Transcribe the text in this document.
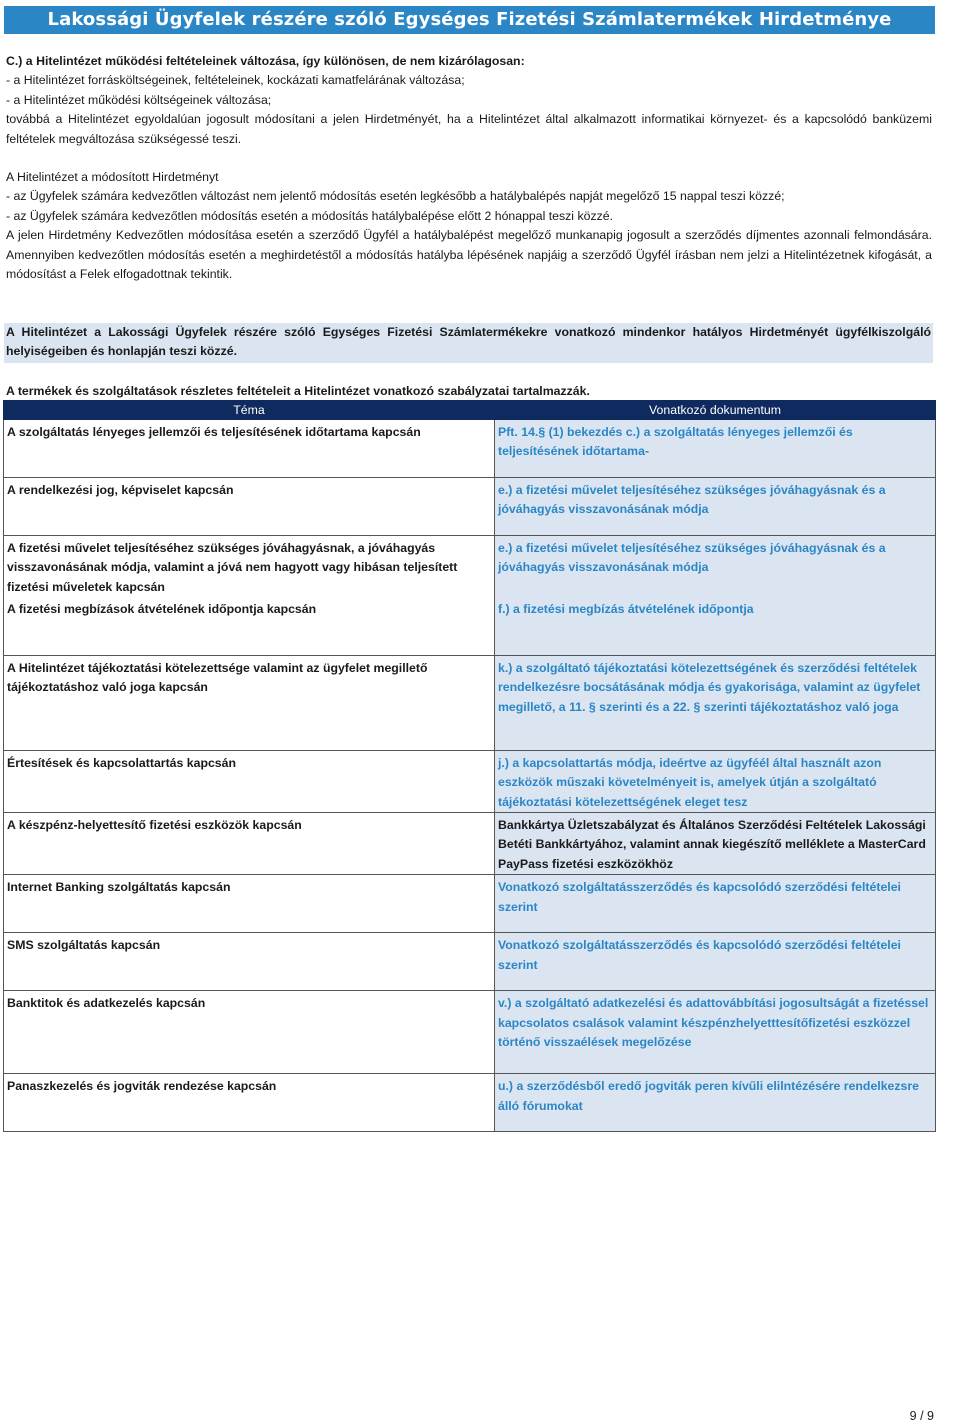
Lakossági Ügyfelek részére szóló Egységes Fizetési Számlatermékek Hirdetménye

C.) a Hitelintézet működési feltételeinek változása, így különösen, de nem kizárólagosan:

- a Hitelintézet forrásköltségeinek, feltételeinek, kockázati kamatfelárának változása;

- a Hitelintézet működési költségeinek változása;

továbbá a Hitelintézet egyoldalúan jogosult módosítani a jelen Hirdetményét, ha a Hitelintézet által alkalmazott informatikai környezet- és a kapcsolódó banküzemi feltételek megváltozása szükségessé teszi.

A Hitelintézet a módosított Hirdetményt

- az Ügyfelek számára kedvezőtlen változást nem jelentő módosítás esetén legkésőbb a hatálybalépés napját megelőző 15 nappal teszi közzé;

- az Ügyfelek számára kedvezőtlen módosítás esetén a módosítás hatálybalépése előtt 2 hónappal teszi közzé.

A jelen Hirdetmény Kedvezőtlen módosítása esetén a szerződő Ügyfél a hatálybalépést megelőző munkanapig jogosult a szerződés díjmentes azonnali felmondására. Amennyiben kedvezőtlen módosítás esetén a meghirdetéstől a módosítás hatályba lépésének napjáig a szerződő Ügyfél írásban nem jelzi a Hitelintézetnek kifogását, a módosítást a Felek elfogadottnak tekintik.

A Hitelintézet a Lakossági Ügyfelek részére szóló Egységes Fizetési Számlatermékekre vonatkozó mindenkor hatályos Hirdetményét ügyfélkiszolgáló helyiségeiben és honlapján teszi közzé.
A termékek és szolgáltatások részletes feltételeit a Hitelintézet vonatkozó szabályzatai tartalmazzák.
Téma	Vonatkozó dokumentum
A szolgáltatás lényeges jellemzői és teljesítésének időtartama kapcsán	Pft. 14.§ (1) bekezdés c.) a szolgáltatás lényeges jellemzői és teljesítésének időtartama-
A rendelkezési jog, képviselet kapcsán	e.) a fizetési művelet teljesítéséhez szükséges jóváhagyásnak és a jóváhagyás visszavonásának módja
A fizetési művelet teljesítéséhez szükséges jóváhagyásnak, a jóváhagyás visszavonásának módja, valamint a jóvá nem hagyott vagy hibásan teljesített fizetési műveletek kapcsán	e.) a fizetési művelet teljesítéséhez szükséges jóváhagyásnak és a jóváhagyás visszavonásának módja
A fizetési megbízások átvételének időpontja kapcsán	f.) a fizetési megbízás átvételének időpontja
A Hitelintézet tájékoztatási kötelezettsége valamint az ügyfelet megillető tájékoztatáshoz való joga kapcsán	k.) a szolgáltató tájékoztatási kötelezettségének és szerződési feltételek rendelkezésre bocsátásának módja és gyakorisága, valamint az ügyfelet megillető, a 11. § szerinti és a 22. § szerinti tájékoztatáshoz való joga
Értesítések és kapcsolattartás kapcsán	j.) a kapcsolattartás módja, ideértve az ügyféél által használt azon eszközök műszaki követelményeit is, amelyek útján a szolgáltató tájékoztatási kötelezettségének eleget tesz
A készpénz-helyettesítő fizetési eszközök kapcsán	Bankkártya Üzletszabályzat és Általános Szerződési Feltételek Lakossági Betéti Bankkártyához, valamint annak kiegészítő melléklete a MasterCard PayPass fizetési eszközökhöz
Internet Banking szolgáltatás kapcsán	Vonatkozó szolgáltatásszerződés és kapcsolódó szerződési feltételei szerint
SMS szolgáltatás kapcsán	Vonatkozó szolgáltatásszerződés és kapcsolódó szerződési feltételei szerint
Banktitok és adatkezelés kapcsán	v.) a szolgáltató adatkezelési és adattovábbítási jogosultságát a fizetéssel kapcsolatos csalások valamint készpénzhelyetttesítőfizetési eszközzel történő visszaélések megelőzése
Panaszkezelés és jogviták rendezése kapcsán	u.) a szerződésből eredő jogviták peren kívűli elilntézésére rendelkezsre álló fórumokat
9 / 9
